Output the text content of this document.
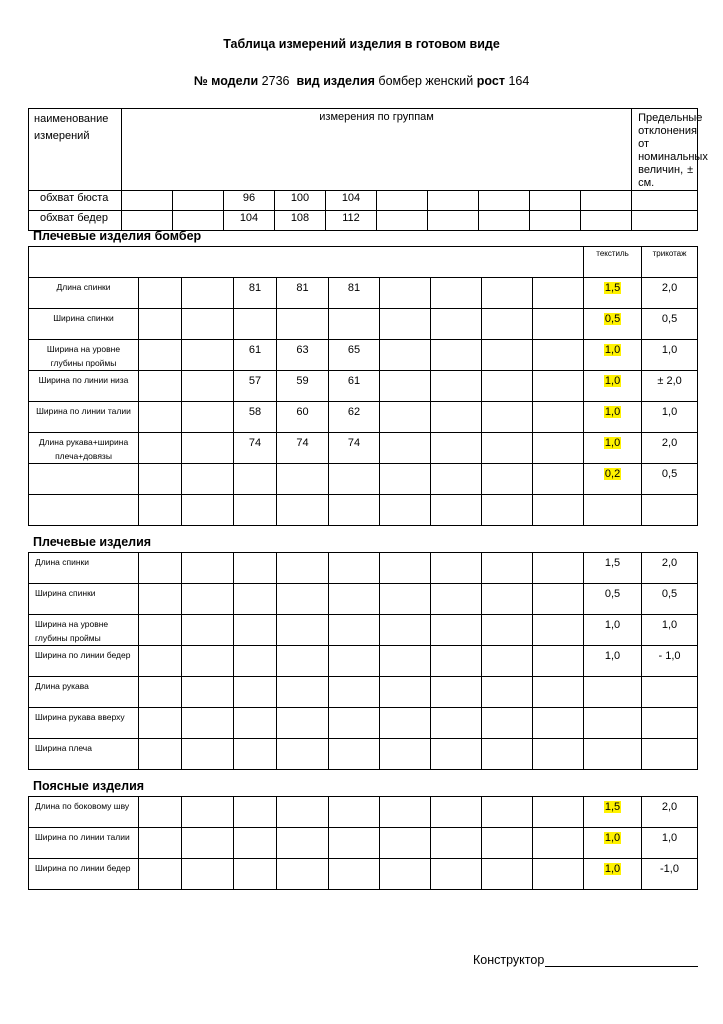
Таблица измерений изделия в готовом виде
№ модели 2736 вид изделия бомбер женский рост 164
наименование измерений	измерения по группам										Предельные отклонения от номинальных величин, ± см.
обхват бюста			96	100	104						
обхват бедер			104	108	112						
Плечевые изделия бомбер
										текстиль	трикотаж
Длина спинки			81	81	81					1,5	2,0
Ширина спинки										0,5	0,5
Ширина на уровне глубины проймы			61	63	65					1,0	1,0
Ширина по линии низа			57	59	61					1,0	± 2,0
Ширина по линии талии			58	60	62					1,0	1,0
Длина рукава+ширина плеча+довязы			74	74	74					1,0	2,0
										0,2	0,5

Плечевые изделия
Длина спинки										1,5	2,0
Ширина спинки										0,5	0,5
Ширина на уровне глубины проймы										1,0	1,0
Ширина по линии бедер										1,0	- 1,0
Длина рукава											
Ширина рукава вверху											
Ширина плеча											
Поясные изделия
Длина по боковому шву										1,5	2,0
Ширина по линии талии										1,0	1,0
Ширина по линии бедер										1,0	-1,0
Конструктор
